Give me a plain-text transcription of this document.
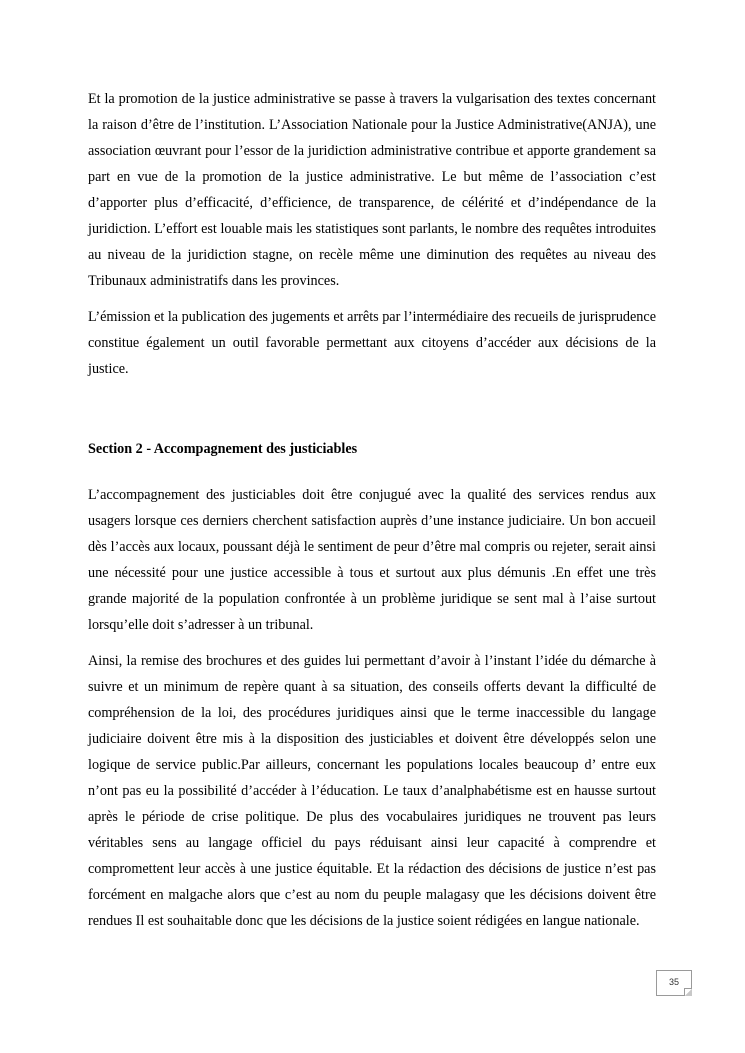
Et la promotion de la justice administrative se passe à travers la vulgarisation des textes concernant la raison d’être de l’institution. L’Association Nationale pour la Justice Administrative(ANJA), une association œuvrant pour l’essor de la juridiction administrative contribue et apporte grandement sa part en vue de la promotion de la justice administrative. Le but même de l’association c’est d’apporter plus d’efficacité, d’efficience, de transparence, de célérité et d’indépendance de la juridiction. L’effort est louable mais les statistiques sont parlants, le nombre des requêtes introduites au niveau de la juridiction stagne, on recèle même une diminution des requêtes au niveau des Tribunaux administratifs dans les provinces.

L’émission et la publication des jugements et arrêts par l’intermédiaire des recueils de jurisprudence constitue également un outil favorable permettant aux citoyens d’accéder aux décisions de la justice.

Section 2 - Accompagnement des justiciables

L’accompagnement des justiciables doit être conjugué avec la qualité des services rendus aux usagers lorsque ces derniers cherchent satisfaction auprès d’une instance judiciaire. Un bon accueil dès l’accès aux locaux, poussant déjà le sentiment de peur d’être mal compris ou rejeter, serait ainsi une nécessité pour une justice accessible à tous et surtout aux plus démunis .En effet une très grande majorité de la population confrontée à un problème juridique se sent mal à l’aise surtout lorsqu’elle doit s’adresser à un tribunal.

Ainsi, la remise des brochures et des guides lui permettant d’avoir à l’instant l’idée du démarche à suivre et un minimum de repère quant à sa situation, des conseils offerts devant la difficulté de compréhension de la loi, des procédures juridiques ainsi que le terme inaccessible du langage judiciaire doivent être mis à la disposition des justiciables et doivent être développés selon une logique de service public.Par ailleurs, concernant les populations locales beaucoup d’ entre eux n’ont pas eu la possibilité d’accéder à l’éducation. Le taux d’analphabétisme est en hausse surtout après le période de crise politique. De plus des vocabulaires juridiques ne trouvent pas leurs véritables sens au langage officiel du pays réduisant ainsi leur capacité à comprendre et compromettent leur accès à une justice équitable. Et la rédaction des décisions de justice n’est pas forcément en malgache alors que c’est au nom du peuple malagasy que les décisions doivent être rendues Il est souhaitable donc que les décisions de la justice soient rédigées en langue nationale.

35
